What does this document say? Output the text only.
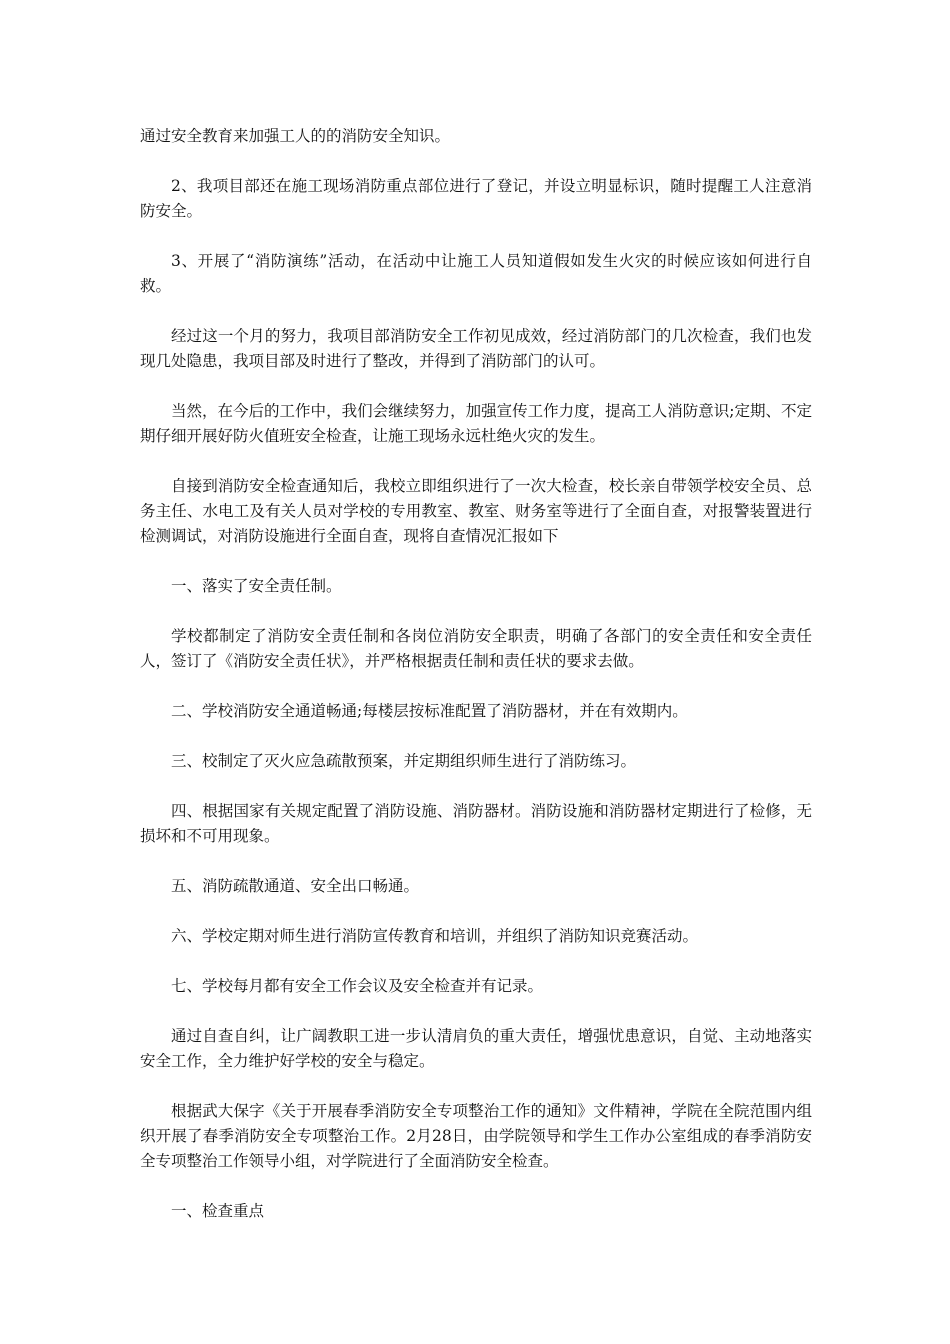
通过安全教育来加强工人的的消防安全知识。

2、我项目部还在施工现场消防重点部位进行了登记，并设立明显标识，随时提醒工人注意消防安全。

3、开展了“消防演练”活动，在活动中让施工人员知道假如发生火灾的时候应该如何进行自救。

经过这一个月的努力，我项目部消防安全工作初见成效，经过消防部门的几次检查，我们也发现几处隐患，我项目部及时进行了整改，并得到了消防部门的认可。

当然，在今后的工作中，我们会继续努力，加强宣传工作力度，提高工人消防意识;定期、不定期仔细开展好防火值班安全检查，让施工现场永远杜绝火灾的发生。

自接到消防安全检查通知后，我校立即组织进行了一次大检查，校长亲自带领学校安全员、总务主任、水电工及有关人员对学校的专用教室、教室、财务室等进行了全面自查，对报警装置进行检测调试，对消防设施进行全面自查，现将自查情况汇报如下

一、落实了安全责任制。

学校都制定了消防安全责任制和各岗位消防安全职责，明确了各部门的安全责任和安全责任人，签订了《消防安全责任状》，并严格根据责任制和责任状的要求去做。

二、学校消防安全通道畅通;每楼层按标准配置了消防器材，并在有效期内。

三、校制定了灭火应急疏散预案，并定期组织师生进行了消防练习。

四、根据国家有关规定配置了消防设施、消防器材。消防设施和消防器材定期进行了检修，无损坏和不可用现象。

五、消防疏散通道、安全出口畅通。

六、学校定期对师生进行消防宣传教育和培训，并组织了消防知识竞赛活动。

七、学校每月都有安全工作会议及安全检查并有记录。

通过自查自纠，让广阔教职工进一步认清肩负的重大责任，增强忧患意识，自觉、主动地落实安全工作，全力维护好学校的安全与稳定。

根据武大保字《关于开展春季消防安全专项整治工作的通知》文件精神，学院在全院范围内组织开展了春季消防安全专项整治工作。2月28日，由学院领导和学生工作办公室组成的春季消防安全专项整治工作领导小组，对学院进行了全面消防安全检查。

一、检查重点
